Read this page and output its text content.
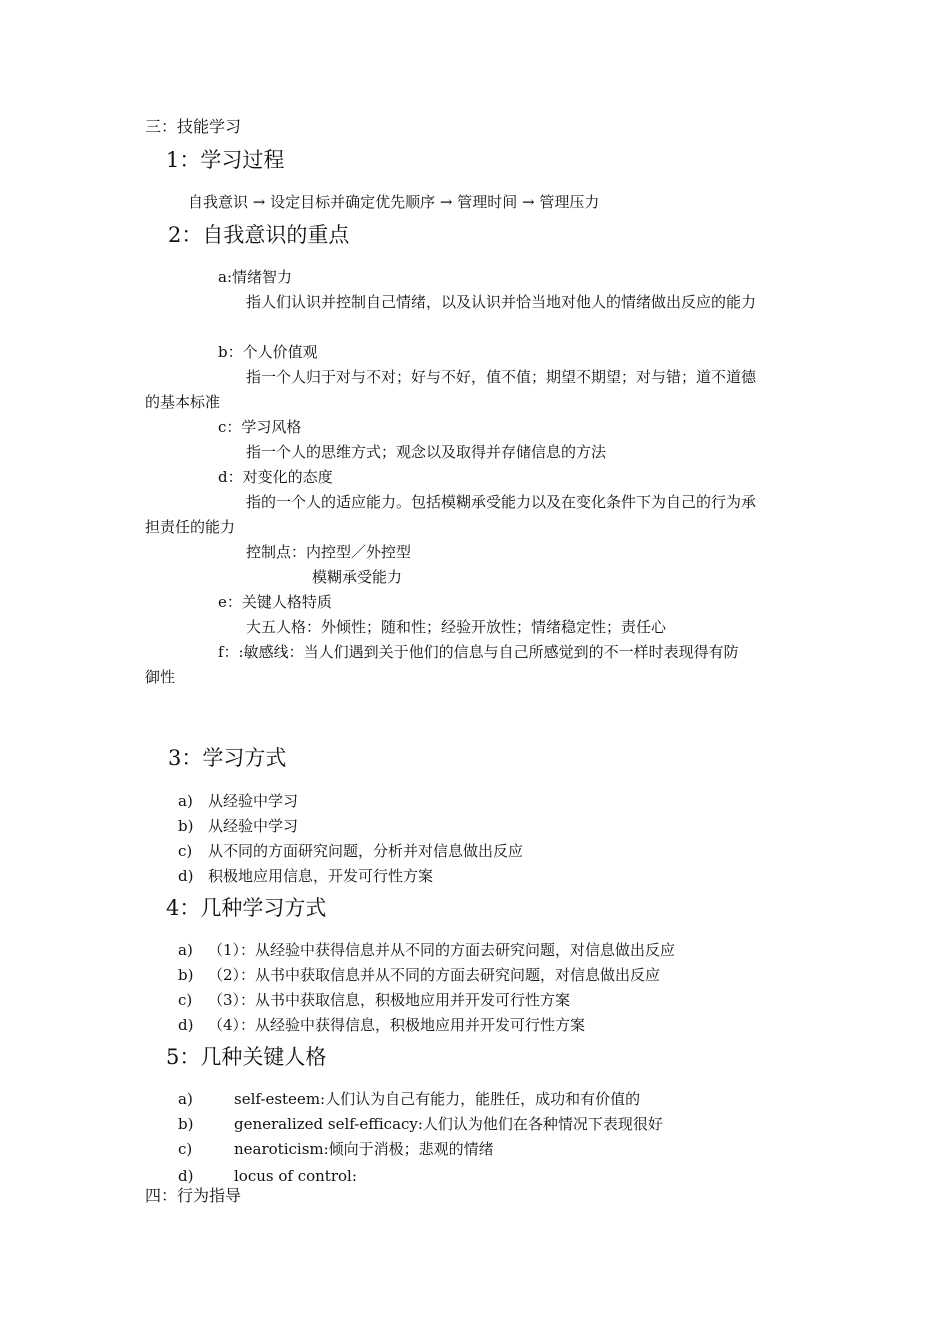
三：技能学习
1：学习过程
自我意识 → 设定目标并确定优先顺序 → 管理时间 → 管理压力
2：自我意识的重点
a:情绪智力
指人们认识并控制自己情绪，以及认识并恰当地对他人的情绪做出反应的能力
b：个人价值观
指一个人归于对与不对；好与不好，值不值；期望不期望；对与错；道不道德
的基本标准
c：学习风格
指一个人的思维方式；观念以及取得并存储信息的方法
d：对变化的态度
指的一个人的适应能力。包括模糊承受能力以及在变化条件下为自己的行为承
担责任的能力
控制点：内控型／外控型
模糊承受能力
e：关键人格特质
大五人格：外倾性；随和性；经验开放性；情绪稳定性；责任心
f：:敏感线：当人们遇到关于他们的信息与自己所感觉到的不一样时表现得有防
御性
3：学习方式
a) 从经验中学习
b) 从经验中学习
c) 从不同的方面研究问题，分析并对信息做出反应
d) 积极地应用信息，开发可行性方案
4：几种学习方式
a) （1）：从经验中获得信息并从不同的方面去研究问题，对信息做出反应
b) （2）：从书中获取信息并从不同的方面去研究问题，对信息做出反应
c) （3）：从书中获取信息，积极地应用并开发可行性方案
d) （4）：从经验中获得信息，积极地应用并开发可行性方案
5：几种关键人格
a)	self-esteem:人们认为自己有能力，能胜任，成功和有价值的
b)	generalized self-efficacy:人们认为他们在各种情况下表现很好
c)	nearoticism:倾向于消极；悲观的情绪
d)	locus of control:
四：行为指导
